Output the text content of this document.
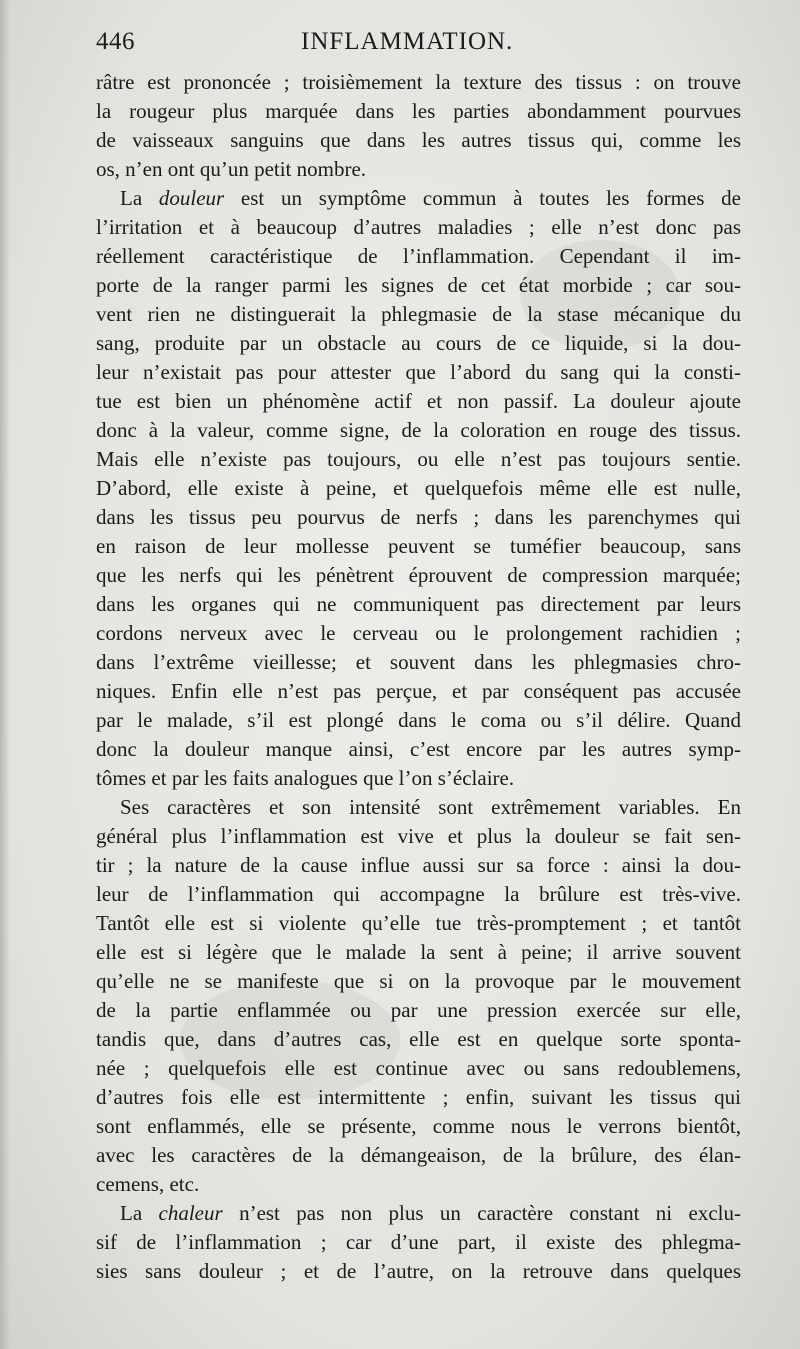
446	INFLAMMATION.
râtre est prononcée ; troisièmement la texture des tissus : on trouve
la rougeur plus marquée dans les parties abondamment pourvues
de vaisseaux sanguins que dans les autres tissus qui, comme les
os, n’en ont qu’un petit nombre.
La douleur est un symptôme commun à toutes les formes de
l’irritation et à beaucoup d’autres maladies ; elle n’est donc pas
réellement caractéristique de l’inflammation. Cependant il im-
porte de la ranger parmi les signes de cet état morbide ; car sou-
vent rien ne distinguerait la phlegmasie de la stase mécanique du
sang, produite par un obstacle au cours de ce liquide, si la dou-
leur n’existait pas pour attester que l’abord du sang qui la consti-
tue est bien un phénomène actif et non passif. La douleur ajoute
donc à la valeur, comme signe, de la coloration en rouge des tissus.
Mais elle n’existe pas toujours, ou elle n’est pas toujours sentie.
D’abord, elle existe à peine, et quelquefois même elle est nulle,
dans les tissus peu pourvus de nerfs ; dans les parenchymes qui
en raison de leur mollesse peuvent se tuméfier beaucoup, sans
que les nerfs qui les pénètrent éprouvent de compression marquée;
dans les organes qui ne communiquent pas directement par leurs
cordons nerveux avec le cerveau ou le prolongement rachidien ;
dans l’extrême vieillesse; et souvent dans les phlegmasies chro-
niques. Enfin elle n’est pas perçue, et par conséquent pas accusée
par le malade, s’il est plongé dans le coma ou s’il délire. Quand
donc la douleur manque ainsi, c’est encore par les autres symp-
tômes et par les faits analogues que l’on s’éclaire.
Ses caractères et son intensité sont extrêmement variables. En
général plus l’inflammation est vive et plus la douleur se fait sen-
tir ; la nature de la cause influe aussi sur sa force : ainsi la dou-
leur de l’inflammation qui accompagne la brûlure est très-vive.
Tantôt elle est si violente qu’elle tue très-promptement ; et tantôt
elle est si légère que le malade la sent à peine; il arrive souvent
qu’elle ne se manifeste que si on la provoque par le mouvement
de la partie enflammée ou par une pression exercée sur elle,
tandis que, dans d’autres cas, elle est en quelque sorte sponta-
née ; quelquefois elle est continue avec ou sans redoublemens,
d’autres fois elle est intermittente ; enfin, suivant les tissus qui
sont enflammés, elle se présente, comme nous le verrons bientôt,
avec les caractères de la démangeaison, de la brûlure, des élan-
cemens, etc.
La chaleur n’est pas non plus un caractère constant ni exclu-
sif de l’inflammation ; car d’une part, il existe des phlegma-
sies sans douleur ; et de l’autre, on la retrouve dans quelques
